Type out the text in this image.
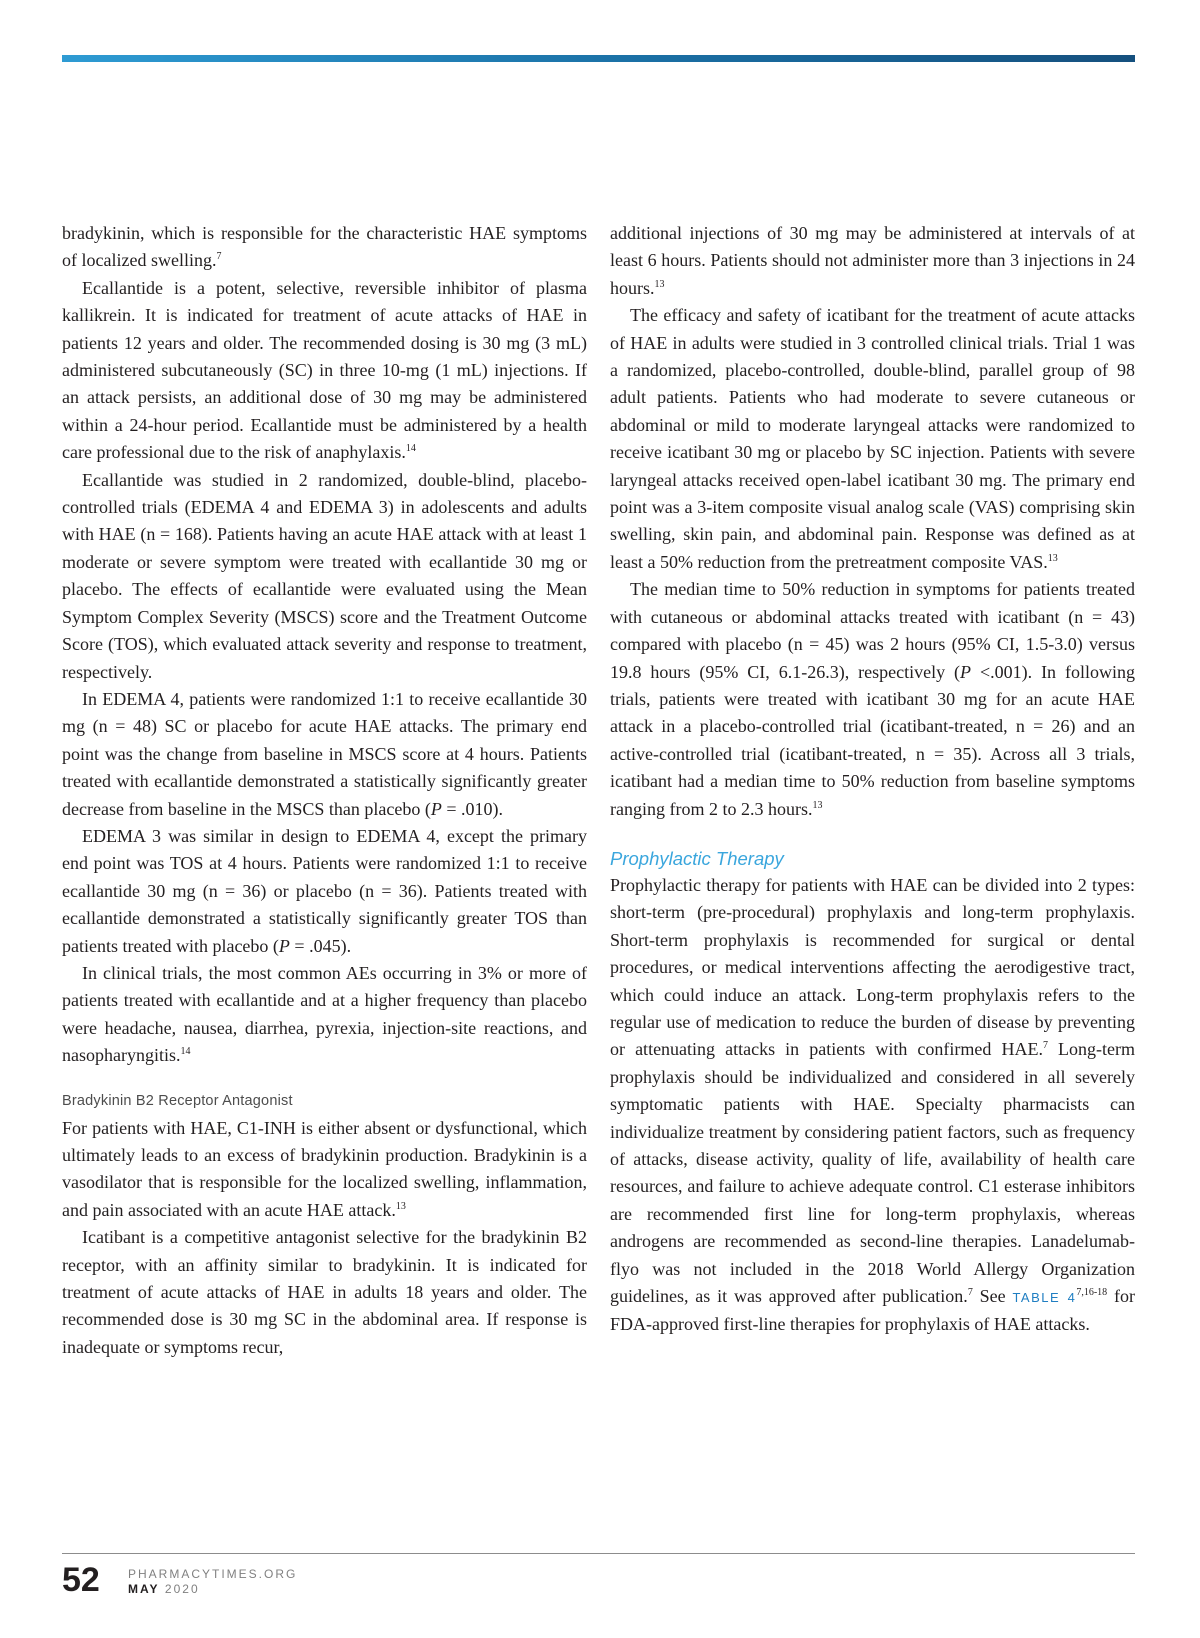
bradykinin, which is responsible for the characteristic HAE symptoms of localized swelling.$^7$

Ecallantide is a potent, selective, reversible inhibitor of plasma kallikrein. It is indicated for treatment of acute attacks of HAE in patients 12 years and older. The recommended dosing is 30 mg (3 mL) administered subcutaneously (SC) in three 10-mg (1 mL) injections. If an attack persists, an additional dose of 30 mg may be administered within a 24-hour period. Ecallantide must be administered by a health care professional due to the risk of anaphylaxis.$^{14}$

Ecallantide was studied in 2 randomized, double-blind, placebo-controlled trials (EDEMA 4 and EDEMA 3) in adolescents and adults with HAE (n = 168). Patients having an acute HAE attack with at least 1 moderate or severe symptom were treated with ecallantide 30 mg or placebo. The effects of ecallantide were evaluated using the Mean Symptom Complex Severity (MSCS) score and the Treatment Outcome Score (TOS), which evaluated attack severity and response to treatment, respectively.

In EDEMA 4, patients were randomized 1:1 to receive ecallantide 30 mg (n = 48) SC or placebo for acute HAE attacks. The primary end point was the change from baseline in MSCS score at 4 hours. Patients treated with ecallantide demonstrated a statistically significantly greater decrease from baseline in the MSCS than placebo (P = .010).

EDEMA 3 was similar in design to EDEMA 4, except the primary end point was TOS at 4 hours. Patients were randomized 1:1 to receive ecallantide 30 mg (n = 36) or placebo (n = 36). Patients treated with ecallantide demonstrated a statistically significantly greater TOS than patients treated with placebo (P = .045).

In clinical trials, the most common AEs occurring in 3% or more of patients treated with ecallantide and at a higher frequency than placebo were headache, nausea, diarrhea, pyrexia, injection-site reactions, and nasopharyngitis.$^{14}$

Bradykinin B2 Receptor Antagonist

For patients with HAE, C1-INH is either absent or dysfunctional, which ultimately leads to an excess of bradykinin production. Bradykinin is a vasodilator that is responsible for the localized swelling, inflammation, and pain associated with an acute HAE attack.$^{13}$

Icatibant is a competitive antagonist selective for the bradykinin B2 receptor, with an affinity similar to bradykinin. It is indicated for treatment of acute attacks of HAE in adults 18 years and older. The recommended dose is 30 mg SC in the abdominal area. If response is inadequate or symptoms recur,

additional injections of 30 mg may be administered at intervals of at least 6 hours. Patients should not administer more than 3 injections in 24 hours.$^{13}$

The efficacy and safety of icatibant for the treatment of acute attacks of HAE in adults were studied in 3 controlled clinical trials. Trial 1 was a randomized, placebo-controlled, double-blind, parallel group of 98 adult patients. Patients who had moderate to severe cutaneous or abdominal or mild to moderate laryngeal attacks were randomized to receive icatibant 30 mg or placebo by SC injection. Patients with severe laryngeal attacks received open-label icatibant 30 mg. The primary end point was a 3-item composite visual analog scale (VAS) comprising skin swelling, skin pain, and abdominal pain. Response was defined as at least a 50% reduction from the pretreatment composite VAS.$^{13}$

The median time to 50% reduction in symptoms for patients treated with cutaneous or abdominal attacks treated with icatibant (n = 43) compared with placebo (n = 45) was 2 hours (95% CI, 1.5-3.0) versus 19.8 hours (95% CI, 6.1-26.3), respectively (P <.001). In following trials, patients were treated with icatibant 30 mg for an acute HAE attack in a placebo-controlled trial (icatibant-treated, n = 26) and an active-controlled trial (icatibant-treated, n = 35). Across all 3 trials, icatibant had a median time to 50% reduction from baseline symptoms ranging from 2 to 2.3 hours.$^{13}$

Prophylactic Therapy

Prophylactic therapy for patients with HAE can be divided into 2 types: short-term (pre-procedural) prophylaxis and long-term prophylaxis. Short-term prophylaxis is recommended for surgical or dental procedures, or medical interventions affecting the aerodigestive tract, which could induce an attack. Long-term prophylaxis refers to the regular use of medication to reduce the burden of disease by preventing or attenuating attacks in patients with confirmed HAE.$^7$ Long-term prophylaxis should be individualized and considered in all severely symptomatic patients with HAE. Specialty pharmacists can individualize treatment by considering patient factors, such as frequency of attacks, disease activity, quality of life, availability of health care resources, and failure to achieve adequate control. C1 esterase inhibitors are recommended first line for long-term prophylaxis, whereas androgens are recommended as second-line therapies. Lanadelumab-flyo was not included in the 2018 World Allergy Organization guidelines, as it was approved after publication.$^7$ See TABLE 4$^{7,16-18}$ for FDA-approved first-line therapies for prophylaxis of HAE attacks.

52 PHARMACYTIMES.ORG
MAY 2020
